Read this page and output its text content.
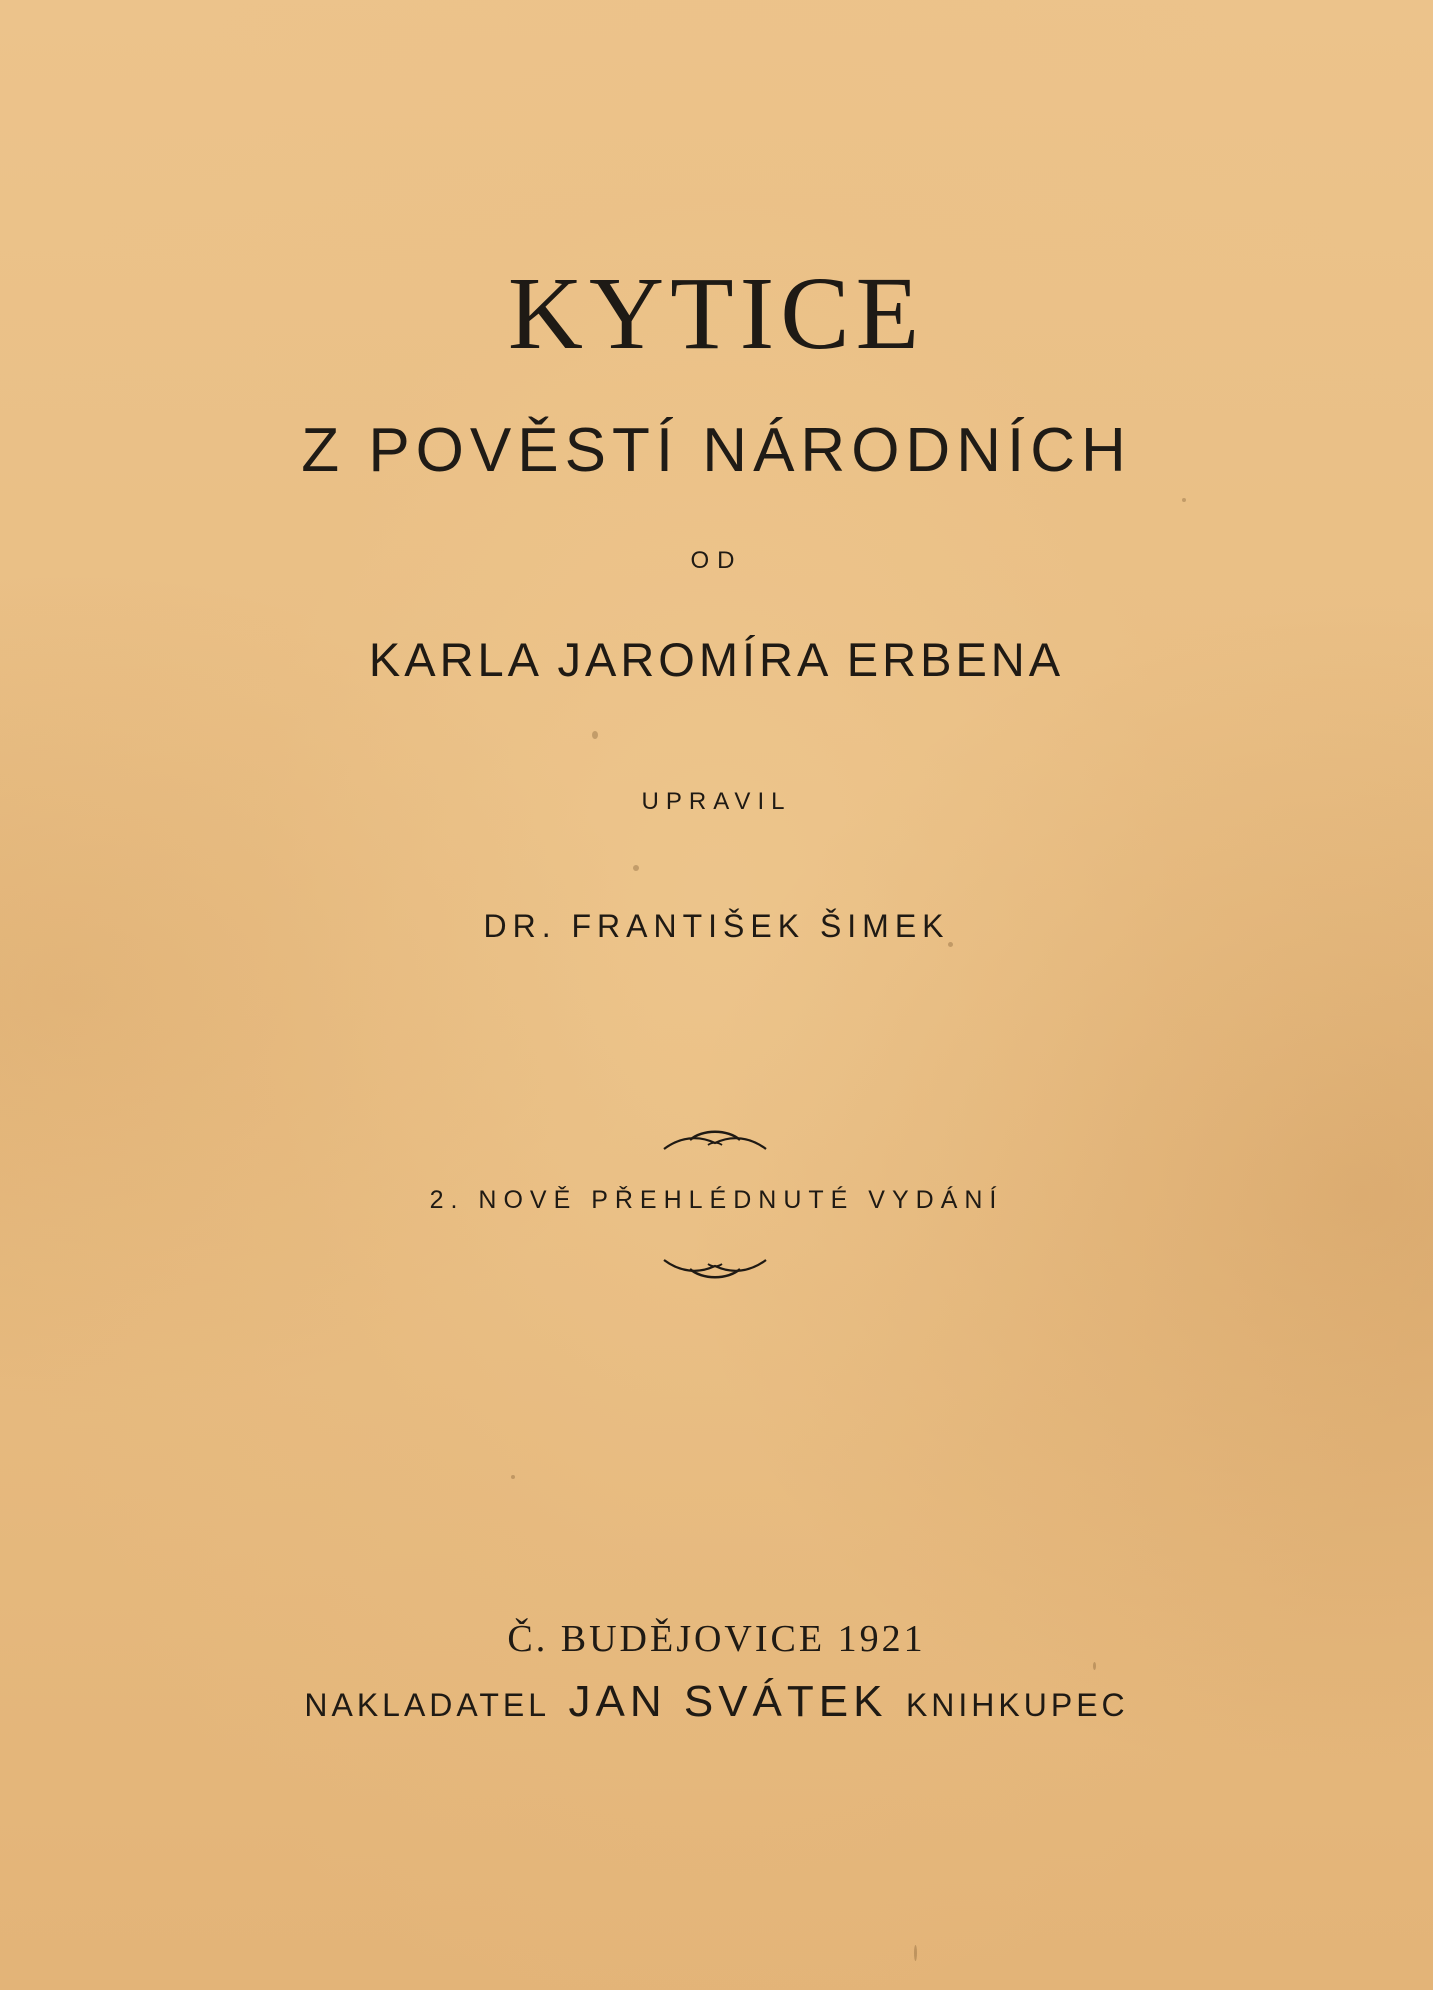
KYTICE
Z POVĚSTÍ NÁRODNÍCH
OD
KARLA JAROMÍRA ERBENA
UPRAVIL
DR. FRANTIŠEK ŠIMEK
2. NOVĚ PŘEHLÉDNUTÉ VYDÁNÍ
Č. BUDĚJOVICE 1921
NAKLADATEL JAN SVÁTEK KNIHKUPEC
